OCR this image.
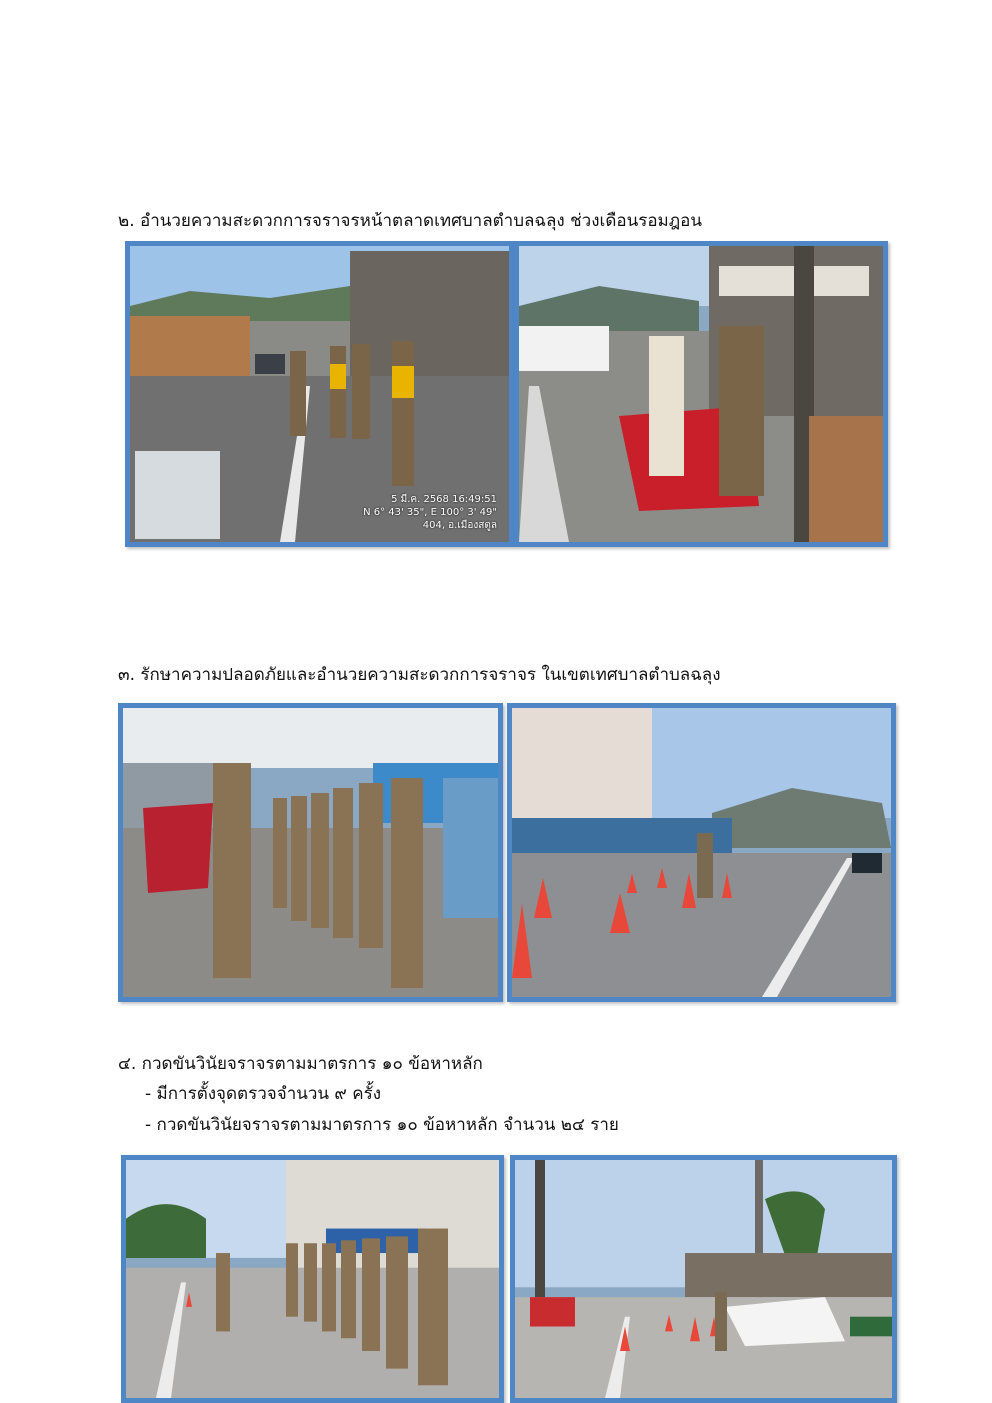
๒. อำนวยความสะดวกการจราจรหน้าตลาดเทศบาลตำบลฉลุง ช่วงเดือนรอมฎอน
5 มี.ค. 2568 16:49:51
N 6° 43' 35", E 100° 3' 49"
404, อ.เมืองสตูล
๓. รักษาความปลอดภัยและอำนวยความสะดวกการจราจร ในเขตเทศบาลตำบลฉลุง
๔. กวดขันวินัยจราจรตามมาตรการ ๑๐ ข้อหาหลัก
- มีการตั้งจุดตรวจจำนวน ๙ ครั้ง
- กวดขันวินัยจราจรตามมาตรการ ๑๐ ข้อหาหลัก จำนวน ๒๔ ราย
